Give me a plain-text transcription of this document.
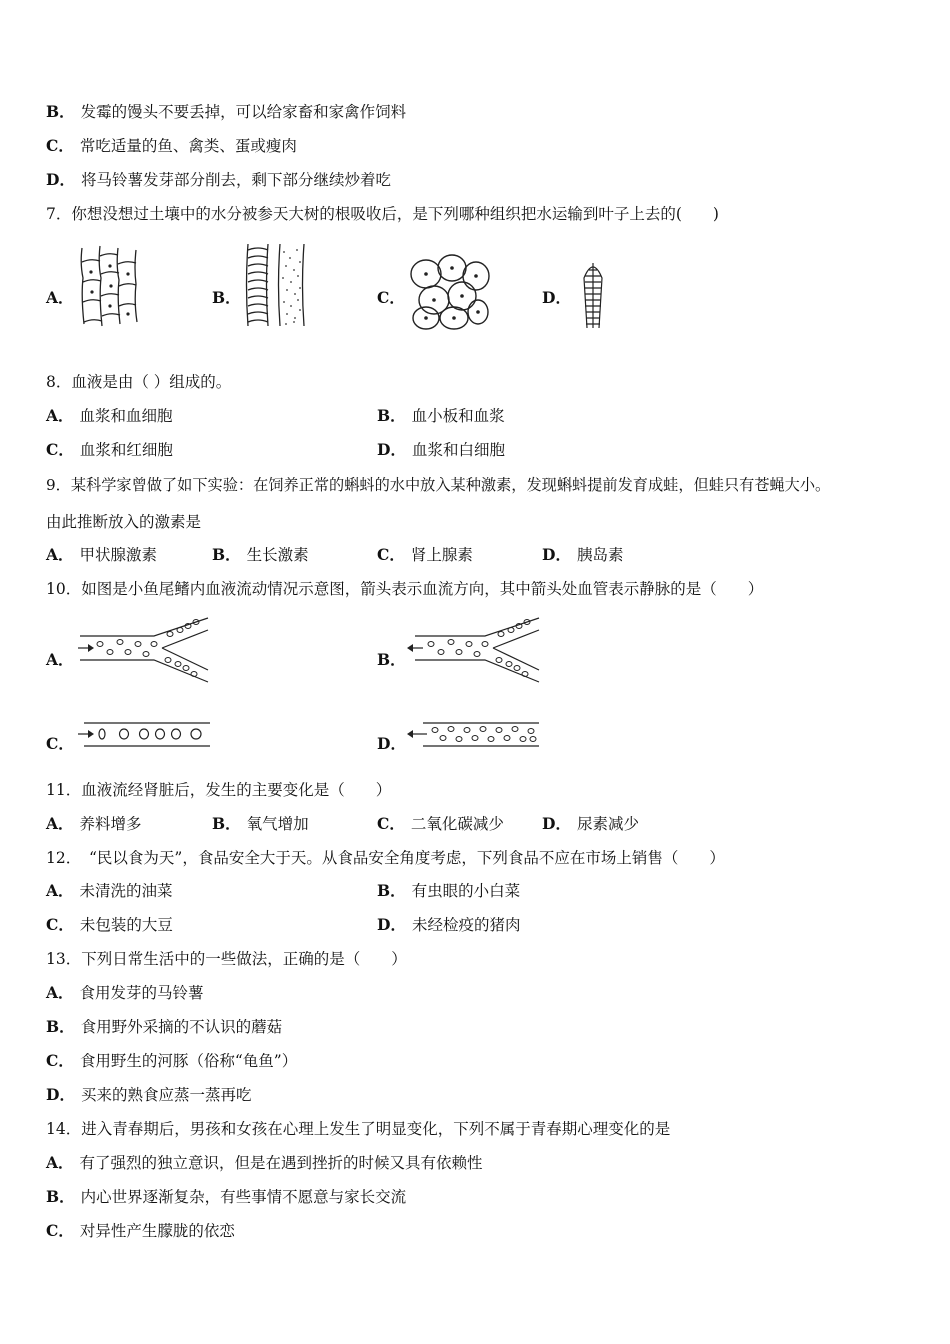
B． 发霉的馒头不要丢掉，可以给家畜和家禽作饲料
C． 常吃适量的鱼、禽类、蛋或瘦肉
D． 将马铃薯发芽部分削去，剩下部分继续炒着吃
7．你想没想过土壤中的水分被参天大树的根吸收后，是下列哪种组织把水运输到叶子上去的(　　)
A．	B．	C．	D．
8．血液是由（ ）组成的。
A． 血浆和血细胞	B． 血小板和血浆
C． 血浆和红细胞	D． 血浆和白细胞
9．某科学家曾做了如下实验：在饲养正常的蝌蚪的水中放入某种激素，发现蝌蚪提前发育成蛙，但蛙只有苍蝇大小。
由此推断放入的激素是
A． 甲状腺激素	B． 生长激素	C． 肾上腺素	D． 胰岛素
10．如图是小鱼尾鳍内血液流动情况示意图，箭头表示血流方向，其中箭头处血管表示静脉的是（　　）
A．	B．
C．	D．
11．血液流经肾脏后，发生的主要变化是（　　）
A． 养料增多	B． 氧气增加	C． 二氧化碳减少 D． 尿素减少
12．　“民以食为天”，食品安全大于天。从食品安全角度考虑，下列食品不应在市场上销售（　　）
A． 未清洗的油菜	B． 有虫眼的小白菜
C． 未包装的大豆	D． 未经检疫的猪肉
13．下列日常生活中的一些做法，正确的是（　　）
A． 食用发芽的马铃薯
B． 食用野外采摘的不认识的蘑菇
C． 食用野生的河豚（俗称“龟鱼”）
D． 买来的熟食应蒸一蒸再吃
14．进入青春期后，男孩和女孩在心理上发生了明显变化，下列不属于青春期心理变化的是
A． 有了强烈的独立意识，但是在遇到挫折的时候又具有依赖性
B． 内心世界逐渐复杂，有些事情不愿意与家长交流
C． 对异性产生朦胧的依恋
